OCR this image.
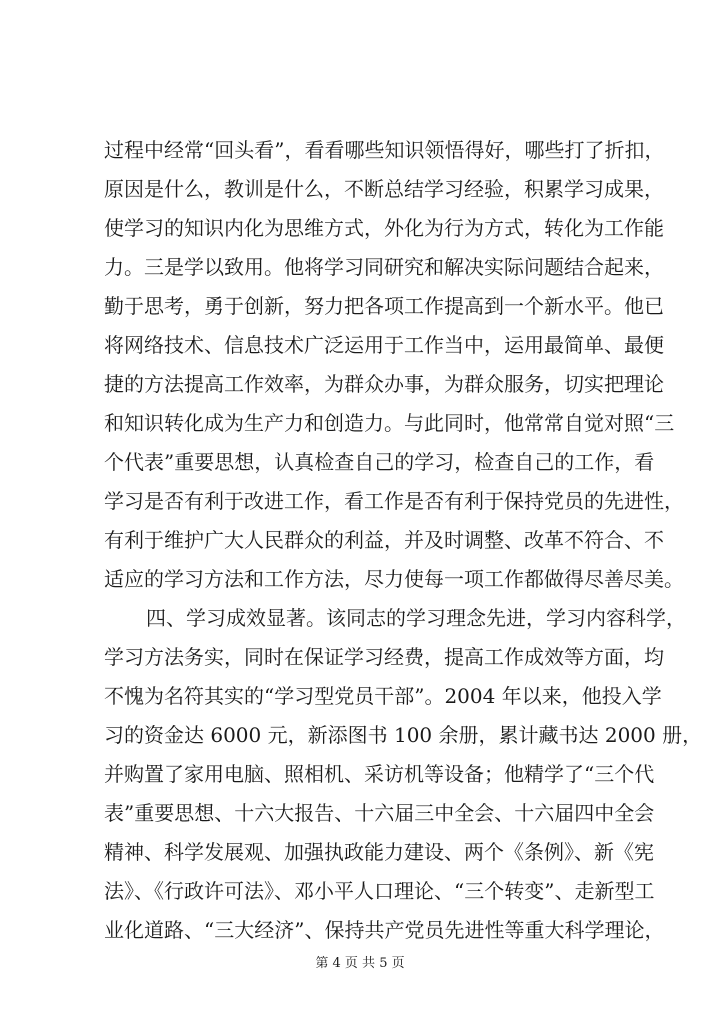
过程中经常“回头看”，看看哪些知识领悟得好，哪些打了折扣，
原因是什么，教训是什么，不断总结学习经验，积累学习成果，
使学习的知识内化为思维方式，外化为行为方式，转化为工作能
力。三是学以致用。他将学习同研究和解决实际问题结合起来，
勤于思考，勇于创新，努力把各项工作提高到一个新水平。他已
将网络技术、信息技术广泛运用于工作当中，运用最简单、最便
捷的方法提高工作效率，为群众办事，为群众服务，切实把理论
和知识转化成为生产力和创造力。与此同时，他常常自觉对照“三
个代表”重要思想，认真检查自己的学习，检查自己的工作，看
学习是否有利于改进工作，看工作是否有利于保持党员的先进性，
有利于维护广大人民群众的利益，并及时调整、改革不符合、不
适应的学习方法和工作方法，尽力使每一项工作都做得尽善尽美。
四、学习成效显著。该同志的学习理念先进，学习内容科学，
学习方法务实，同时在保证学习经费，提高工作成效等方面，均
不愧为名符其实的“学习型党员干部”。2004 年以来，他投入学
习的资金达 6000 元，新添图书 100 余册，累计藏书达 2000 册，
并购置了家用电脑、照相机、采访机等设备；他精学了“三个代
表”重要思想、十六大报告、十六届三中全会、十六届四中全会
精神、科学发展观、加强执政能力建设、两个《条例》、新《宪
法》、《行政许可法》、邓小平人口理论、“三个转变”、走新型工
业化道路、“三大经济”、保持共产党员先进性等重大科学理论，
第 4 页 共 5 页
